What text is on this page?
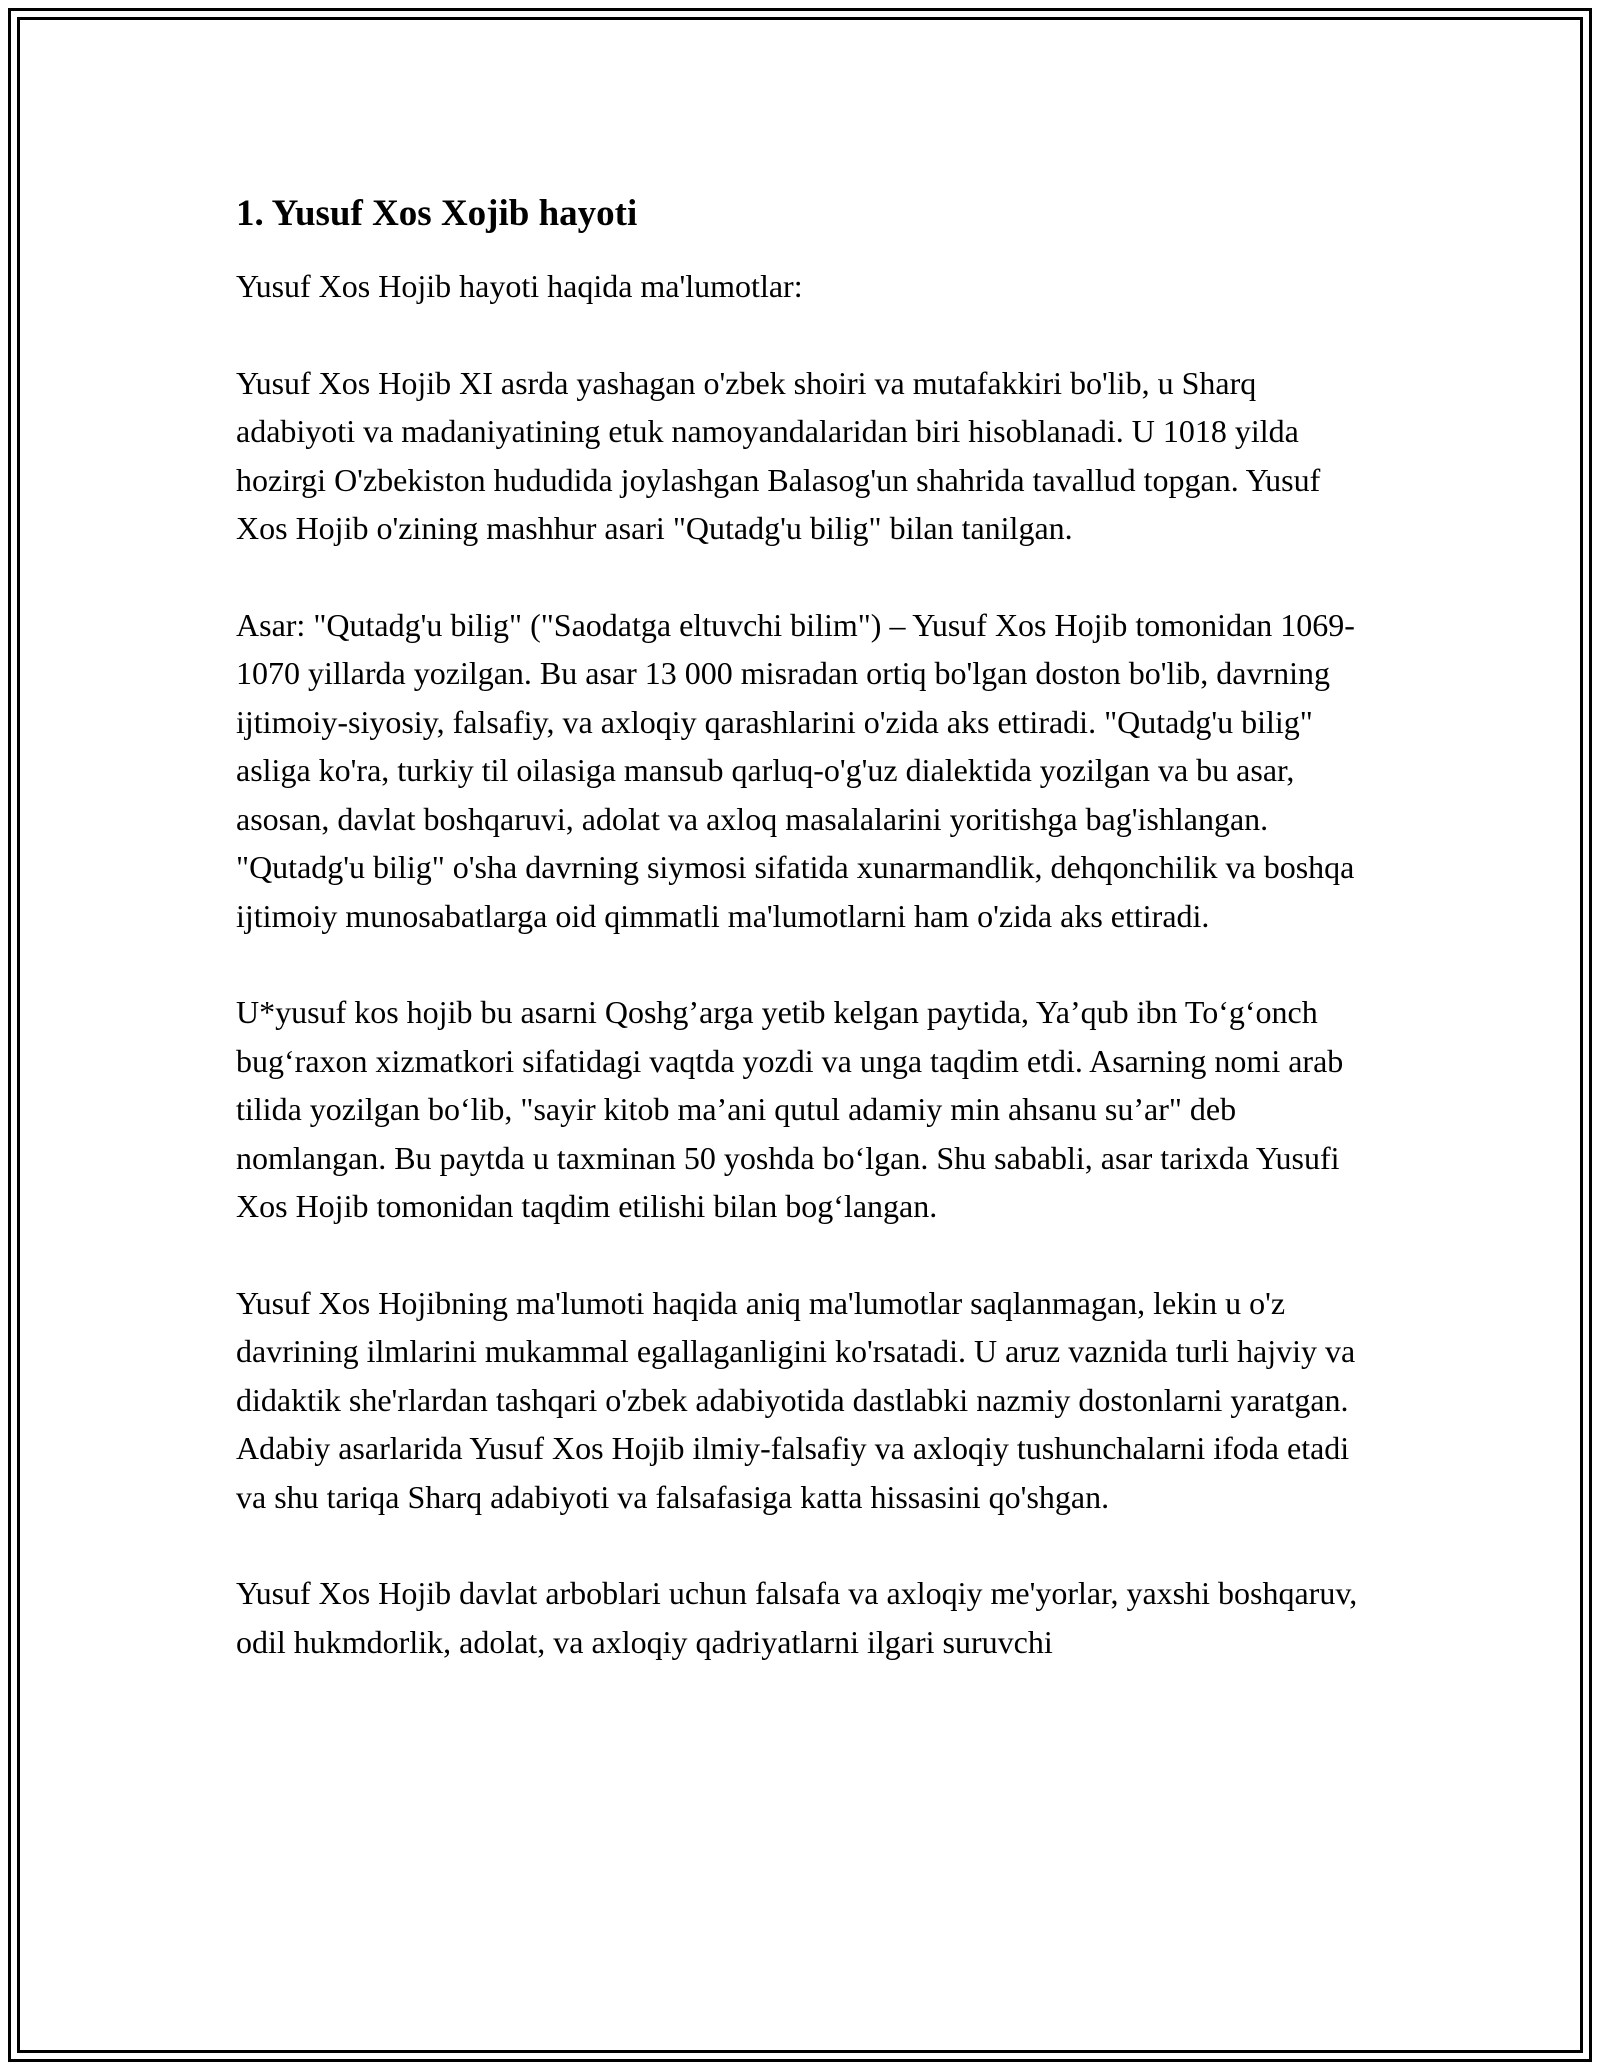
1. Yusuf Xos Xojib hayoti

Yusuf Xos Hojib hayoti haqida ma'lumotlar:

Yusuf Xos Hojib XI asrda yashagan o'zbek shoiri va mutafakkiri bo'lib, u Sharq adabiyoti va madaniyatining etuk namoyandalaridan biri hisoblanadi. U 1018 yilda hozirgi O'zbekiston hududida joylashgan Balasog'un shahrida tavallud topgan. Yusuf Xos Hojib o'zining mashhur asari "Qutadg'u bilig" bilan tanilgan.

Asar: "Qutadg'u bilig" ("Saodatga eltuvchi bilim") – Yusuf Xos Hojib tomonidan 1069-1070 yillarda yozilgan. Bu asar 13 000 misradan ortiq bo'lgan doston bo'lib, davrning ijtimoiy-siyosiy, falsafiy, va axloqiy qarashlarini o'zida aks ettiradi. "Qutadg'u bilig" asliga ko'ra, turkiy til oilasiga mansub qarluq-o'g'uz dialektida yozilgan va bu asar, asosan, davlat boshqaruvi, adolat va axloq masalalarini yoritishga bag'ishlangan. "Qutadg'u bilig" o'sha davrning siymosi sifatida xunarmandlik, dehqonchilik va boshqa ijtimoiy munosabatlarga oid qimmatli ma'lumotlarni ham o'zida aks ettiradi.

U*yusuf kos hojib bu asarni Qoshg’arga yetib kelgan paytida, Ya’qub ibn To‘g‘onch bug‘raxon xizmatkori sifatidagi vaqtda yozdi va unga taqdim etdi. Asarning nomi arab tilida yozilgan bo‘lib, "sayir kitob ma’ani qutul adamiy min ahsanu su’ar" deb nomlangan. Bu paytda u taxminan 50 yoshda bo‘lgan. Shu sababli, asar tarixda Yusufi Xos Hojib tomonidan taqdim etilishi bilan bog‘langan.

Yusuf Xos Hojibning ma'lumoti haqida aniq ma'lumotlar saqlanmagan, lekin u o'z davrining ilmlarini mukammal egallaganligini ko'rsatadi. U aruz vaznida turli hajviy va didaktik she'rlardan tashqari o'zbek adabiyotida dastlabki nazmiy dostonlarni yaratgan. Adabiy asarlarida Yusuf Xos Hojib ilmiy-falsafiy va axloqiy tushunchalarni ifoda etadi va shu tariqa Sharq adabiyoti va falsafasiga katta hissasini qo'shgan.

Yusuf Xos Hojib davlat arboblari uchun falsafa va axloqiy me'yorlar, yaxshi boshqaruv, odil hukmdorlik, adolat, va axloqiy qadriyatlarni ilgari suruvchi
